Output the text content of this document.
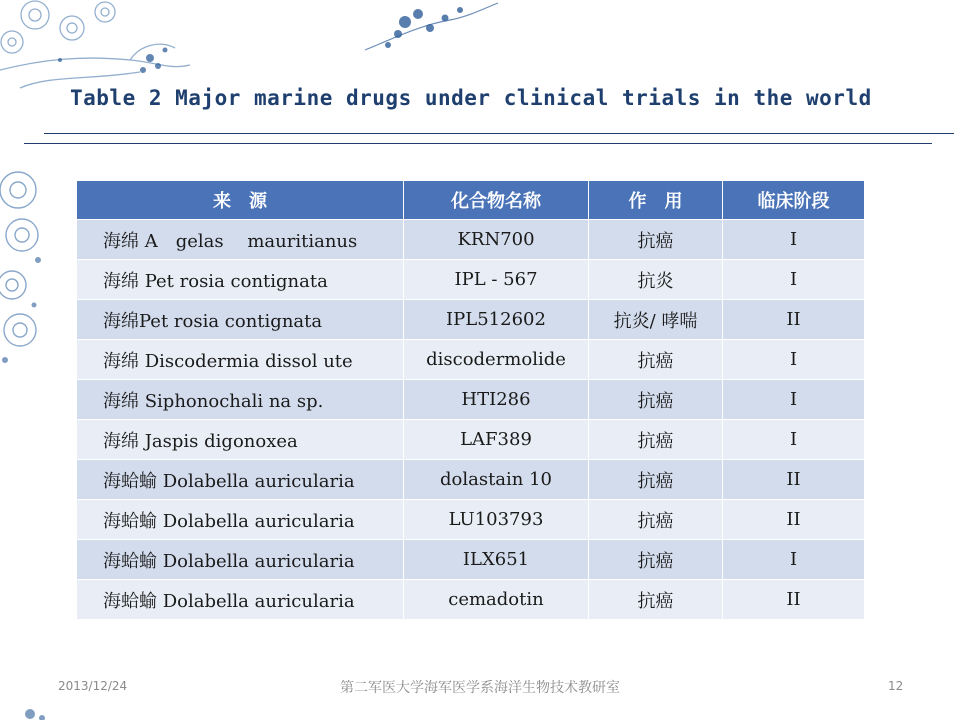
Table 2 Major marine drugs under clinical trials in the world
来　源	化合物名称	作　用	临床阶段
海绵 A　gelas　 mauritianus	KRN700	抗癌	I
海绵 Pet rosia contignata	IPL - 567	抗炎	I
海绵Pet rosia contignata	IPL512602	抗炎/ 哮喘	II
海绵 Discodermia dissol ute	discodermolide	抗癌	I
海绵 Siphonochali na sp.	HTI286	抗癌	I
海绵 Jaspis digonoxea	LAF389	抗癌	I
海蛤蝓 Dolabella auricularia	dolastain 10	抗癌	II
海蛤蝓 Dolabella auricularia	LU103793	抗癌	II
海蛤蝓 Dolabella auricularia	ILX651	抗癌	I
海蛤蝓 Dolabella auricularia	cemadotin	抗癌	II
2013/12/24	第二军医大学海军医学系海洋生物技术教研室	12
